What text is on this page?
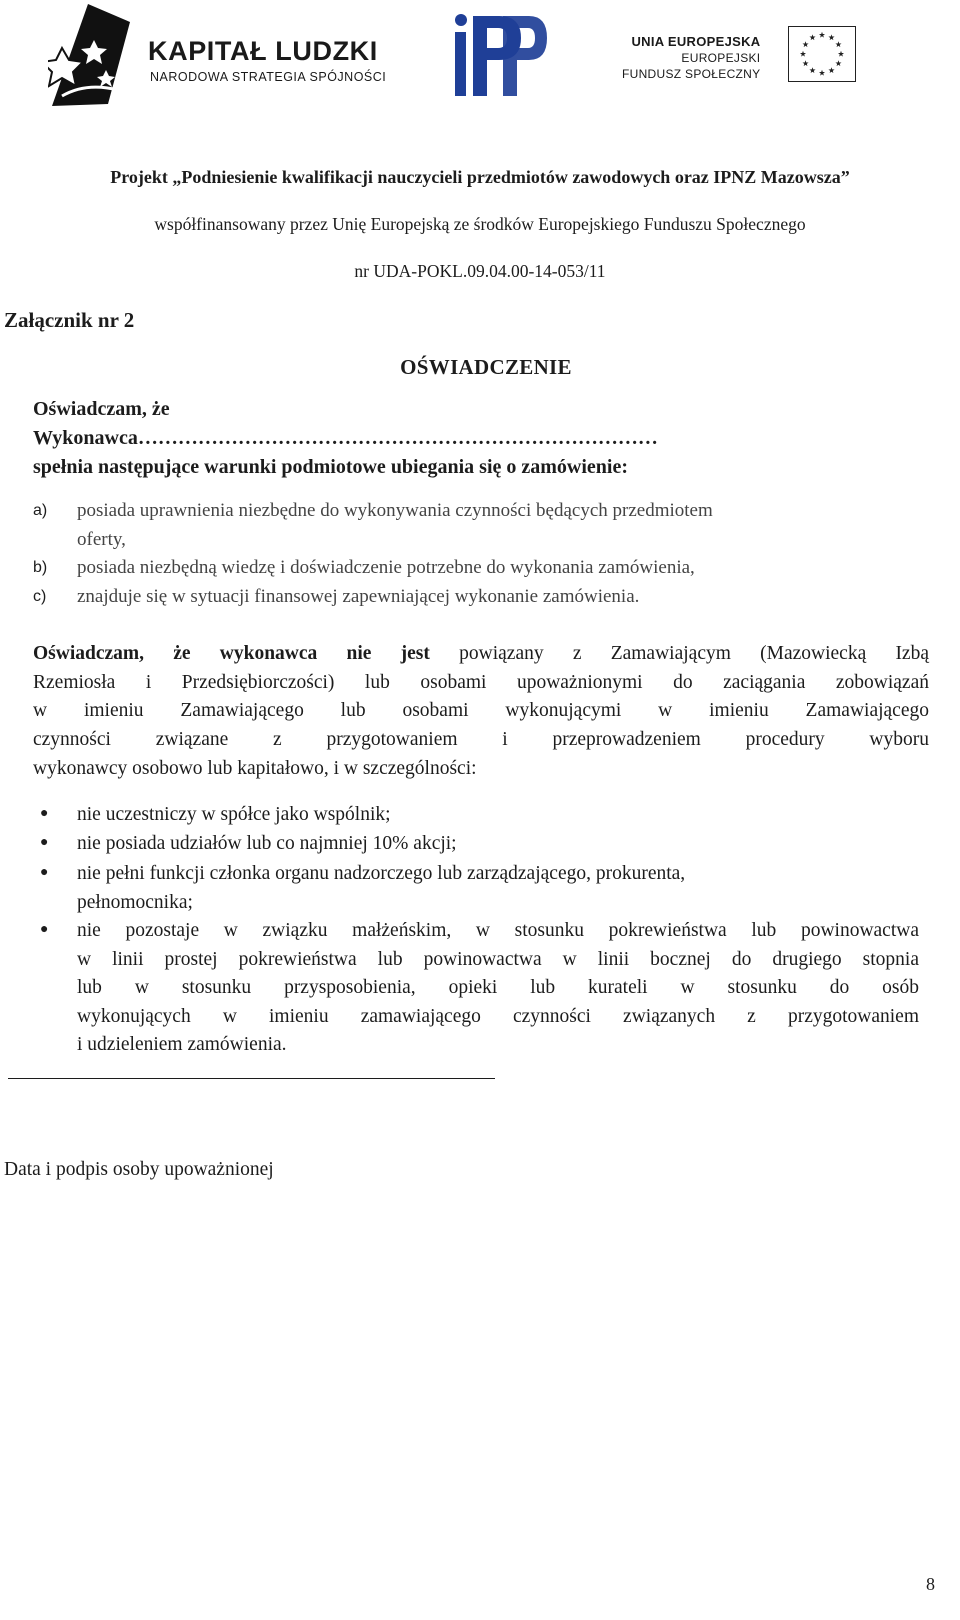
KAPITAŁ LUDZKI
NARODOWA STRATEGIA SPÓJNOŚCI
UNIA EUROPEJSKA
EUROPEJSKI
FUNDUSZ SPOŁECZNY
Projekt „Podniesienie kwalifikacji nauczycieli przedmiotów zawodowych oraz IPNZ Mazowsza”
współfinansowany przez Unię Europejską ze środków Europejskiego Funduszu Społecznego
nr UDA-POKL.09.04.00-14-053/11
Załącznik nr 2
OŚWIADCZENIE
Oświadczam, że
Wykonawca……………………………………………………………………
spełnia następujące warunki podmiotowe ubiegania się o zamówienie:
a) posiada uprawnienia niezbędne do wykonywania czynności będących przedmiotem
oferty,
b) posiada niezbędną wiedzę i doświadczenie potrzebne do wykonania zamówienia,
c) znajduje się w sytuacji finansowej zapewniającej wykonanie zamówienia.
Oświadczam, że wykonawca nie jest powiązany z Zamawiającym (Mazowiecką Izbą
Rzemiosła i Przedsiębiorczości) lub osobami upoważnionymi do zaciągania zobowiązań
w imieniu Zamawiającego lub osobami wykonującymi w imieniu Zamawiającego
czynności związane z przygotowaniem i przeprowadzeniem procedury wyboru
wykonawcy osobowo lub kapitałowo, i w szczególności:
● nie uczestniczy w spółce jako wspólnik;
● nie posiada udziałów lub co najmniej 10% akcji;
● nie pełni funkcji członka organu nadzorczego lub zarządzającego, prokurenta,
pełnomocnika;
● nie pozostaje w związku małżeńskim, w stosunku pokrewieństwa lub powinowactwa
w linii prostej pokrewieństwa lub powinowactwa w linii bocznej do drugiego stopnia
lub w stosunku przysposobienia, opieki lub kurateli w stosunku do osób
wykonujących w imieniu zamawiającego czynności związanych z przygotowaniem
i udzieleniem zamówienia.
Data i podpis osoby upoważnionej
8
